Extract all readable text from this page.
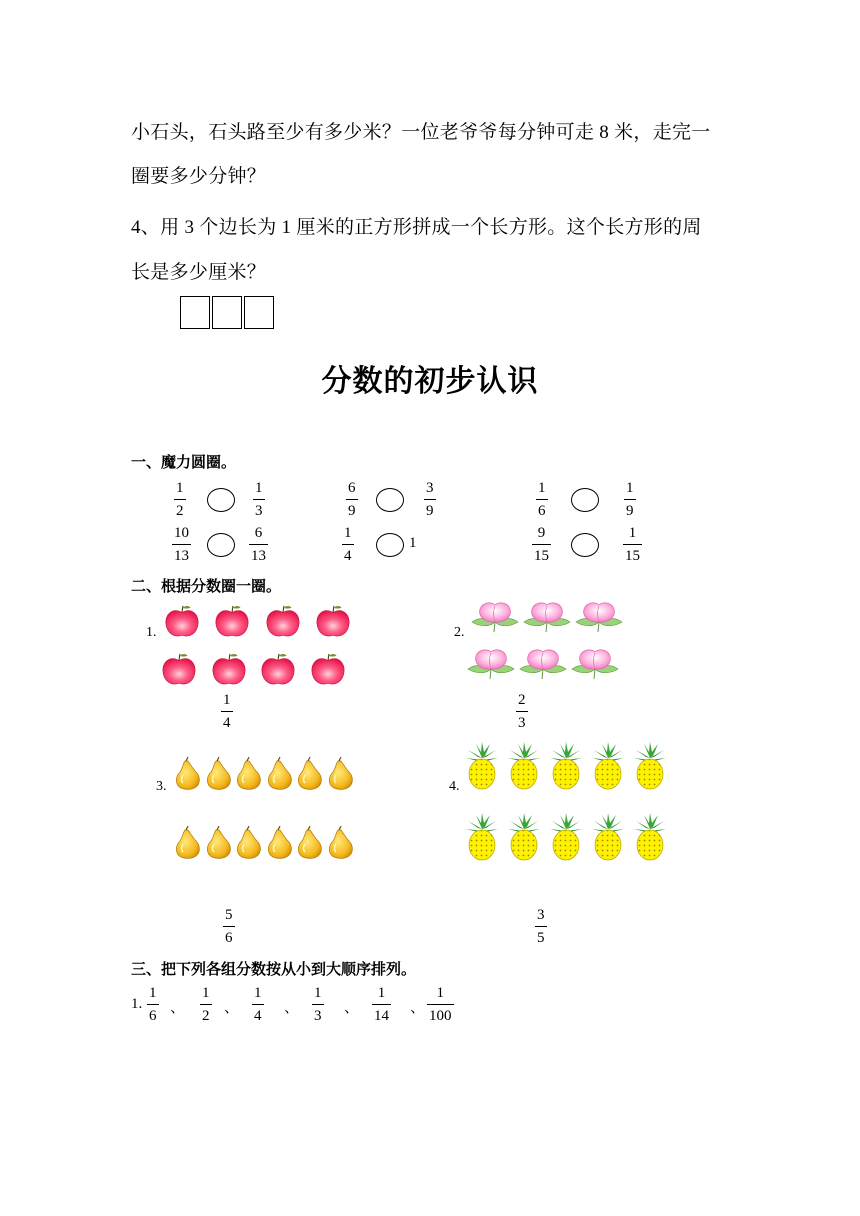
小石头，石头路至少有多少米？一位老爷爷每分钟可走 8 米，走完一
圈要多少分钟？
4、用 3 个边长为 1 厘米的正方形拼成一个长方形。这个长方形的周
长是多少厘米？
分数的初步认识
一、魔力圆圈。
1
2
1
3
6
9
3
9
1
6
1
9
10
13
6
13
1
4
1
9
15
1
15
二、根据分数圈一圈。
1.
1
4
2.
2
3
3.
5
6
4.
3
5
三、把下列各组分数按从小到大顺序排列。
1.
1
6 、
1
2 、
1
4 、
1
3 、
1
14 、
1
100
